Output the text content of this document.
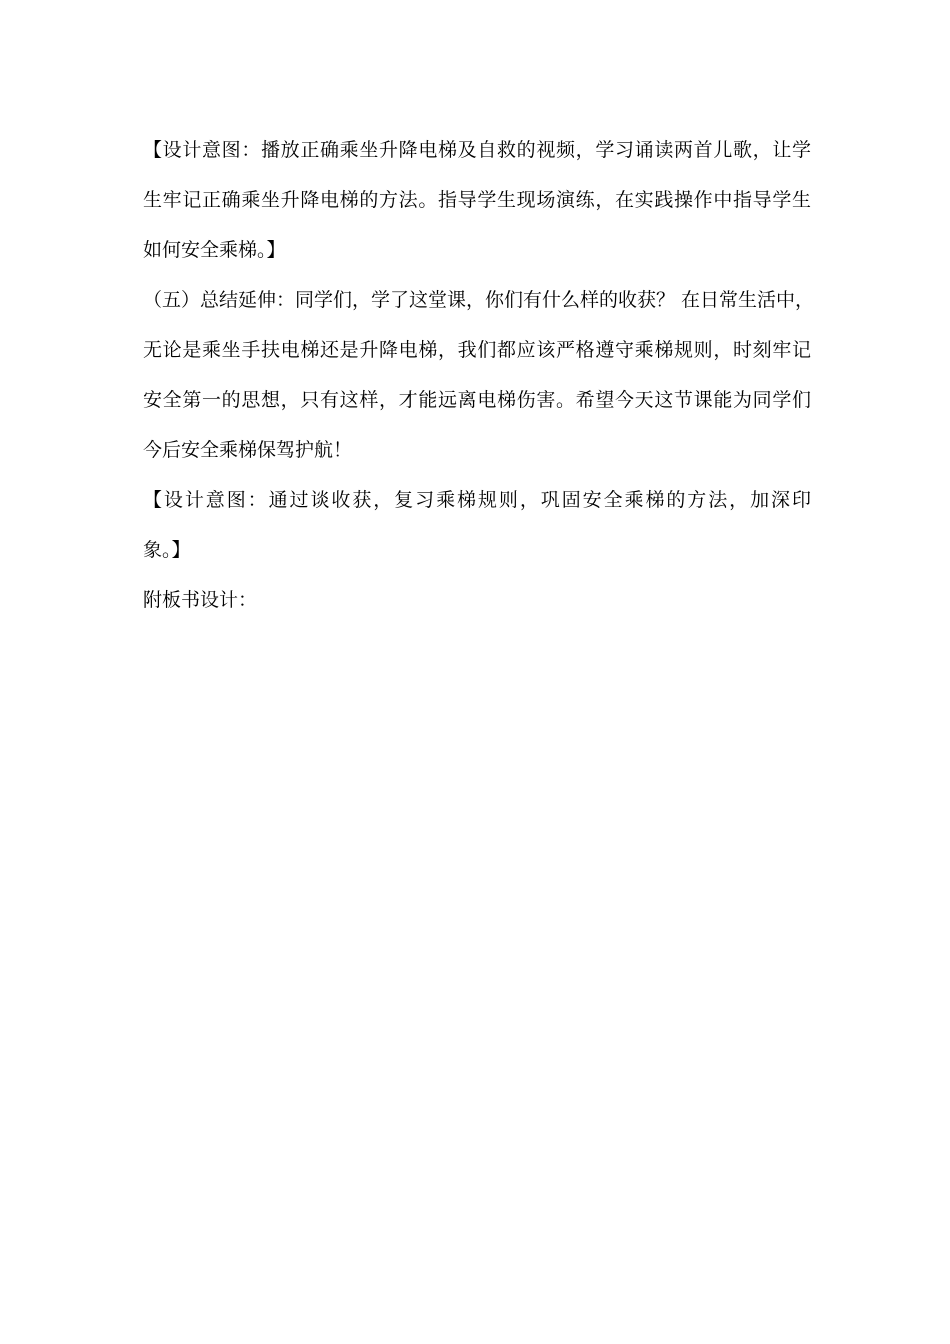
【设计意图：播放正确乘坐升降电梯及自救的视频，学习诵读两首儿歌，让学
生牢记正确乘坐升降电梯的方法。指导学生现场演练，在实践操作中指导学生
如何安全乘梯。】
（五）总结延伸：同学们，学了这堂课，你们有什么样的收获？ 在日常生活中，
无论是乘坐手扶电梯还是升降电梯，我们都应该严格遵守乘梯规则，时刻牢记
安全第一的思想，只有这样，才能远离电梯伤害。希望今天这节课能为同学们
今后安全乘梯保驾护航！
【设计意图：通过谈收获，复习乘梯规则，巩固安全乘梯的方法，加深印
象。】
附板书设计：
